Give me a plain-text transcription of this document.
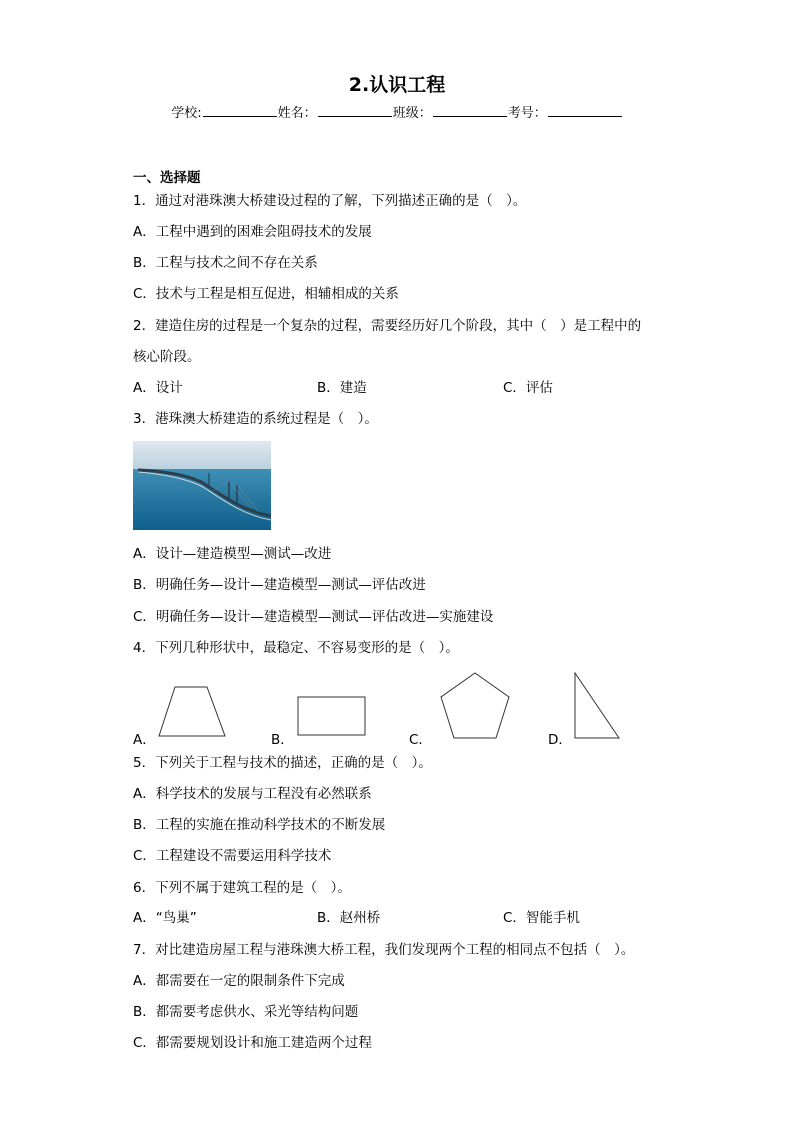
2.认识工程
学校:	姓名：	班级：	考号：
一、选择题
1．通过对港珠澳大桥建设过程的了解，下列描述正确的是（　）。
A．工程中遇到的困难会阻碍技术的发展
B．工程与技术之间不存在关系
C．技术与工程是相互促进，相辅相成的关系
2．建造住房的过程是一个复杂的过程，需要经历好几个阶段，其中（　）是工程中的
核心阶段。
A．设计	B．建造	C．评估
3．港珠澳大桥建造的系统过程是（　）。
A．设计—建造模型—测试—改进
B．明确任务—设计—建造模型—测试—评估改进
C．明确任务—设计—建造模型—测试—评估改进—实施建设
4．下列几种形状中，最稳定、不容易变形的是（　）。
A．	B．	C．	D．
5．下列关于工程与技术的描述，正确的是（　）。
A．科学技术的发展与工程没有必然联系
B．工程的实施在推动科学技术的不断发展
C．工程建设不需要运用科学技术
6．下列不属于建筑工程的是（　）。
A．“鸟巢”	B．赵州桥	C．智能手机
7．对比建造房屋工程与港珠澳大桥工程，我们发现两个工程的相同点不包括（　）。
A．都需要在一定的限制条件下完成
B．都需要考虑供水、采光等结构问题
C．都需要规划设计和施工建造两个过程
